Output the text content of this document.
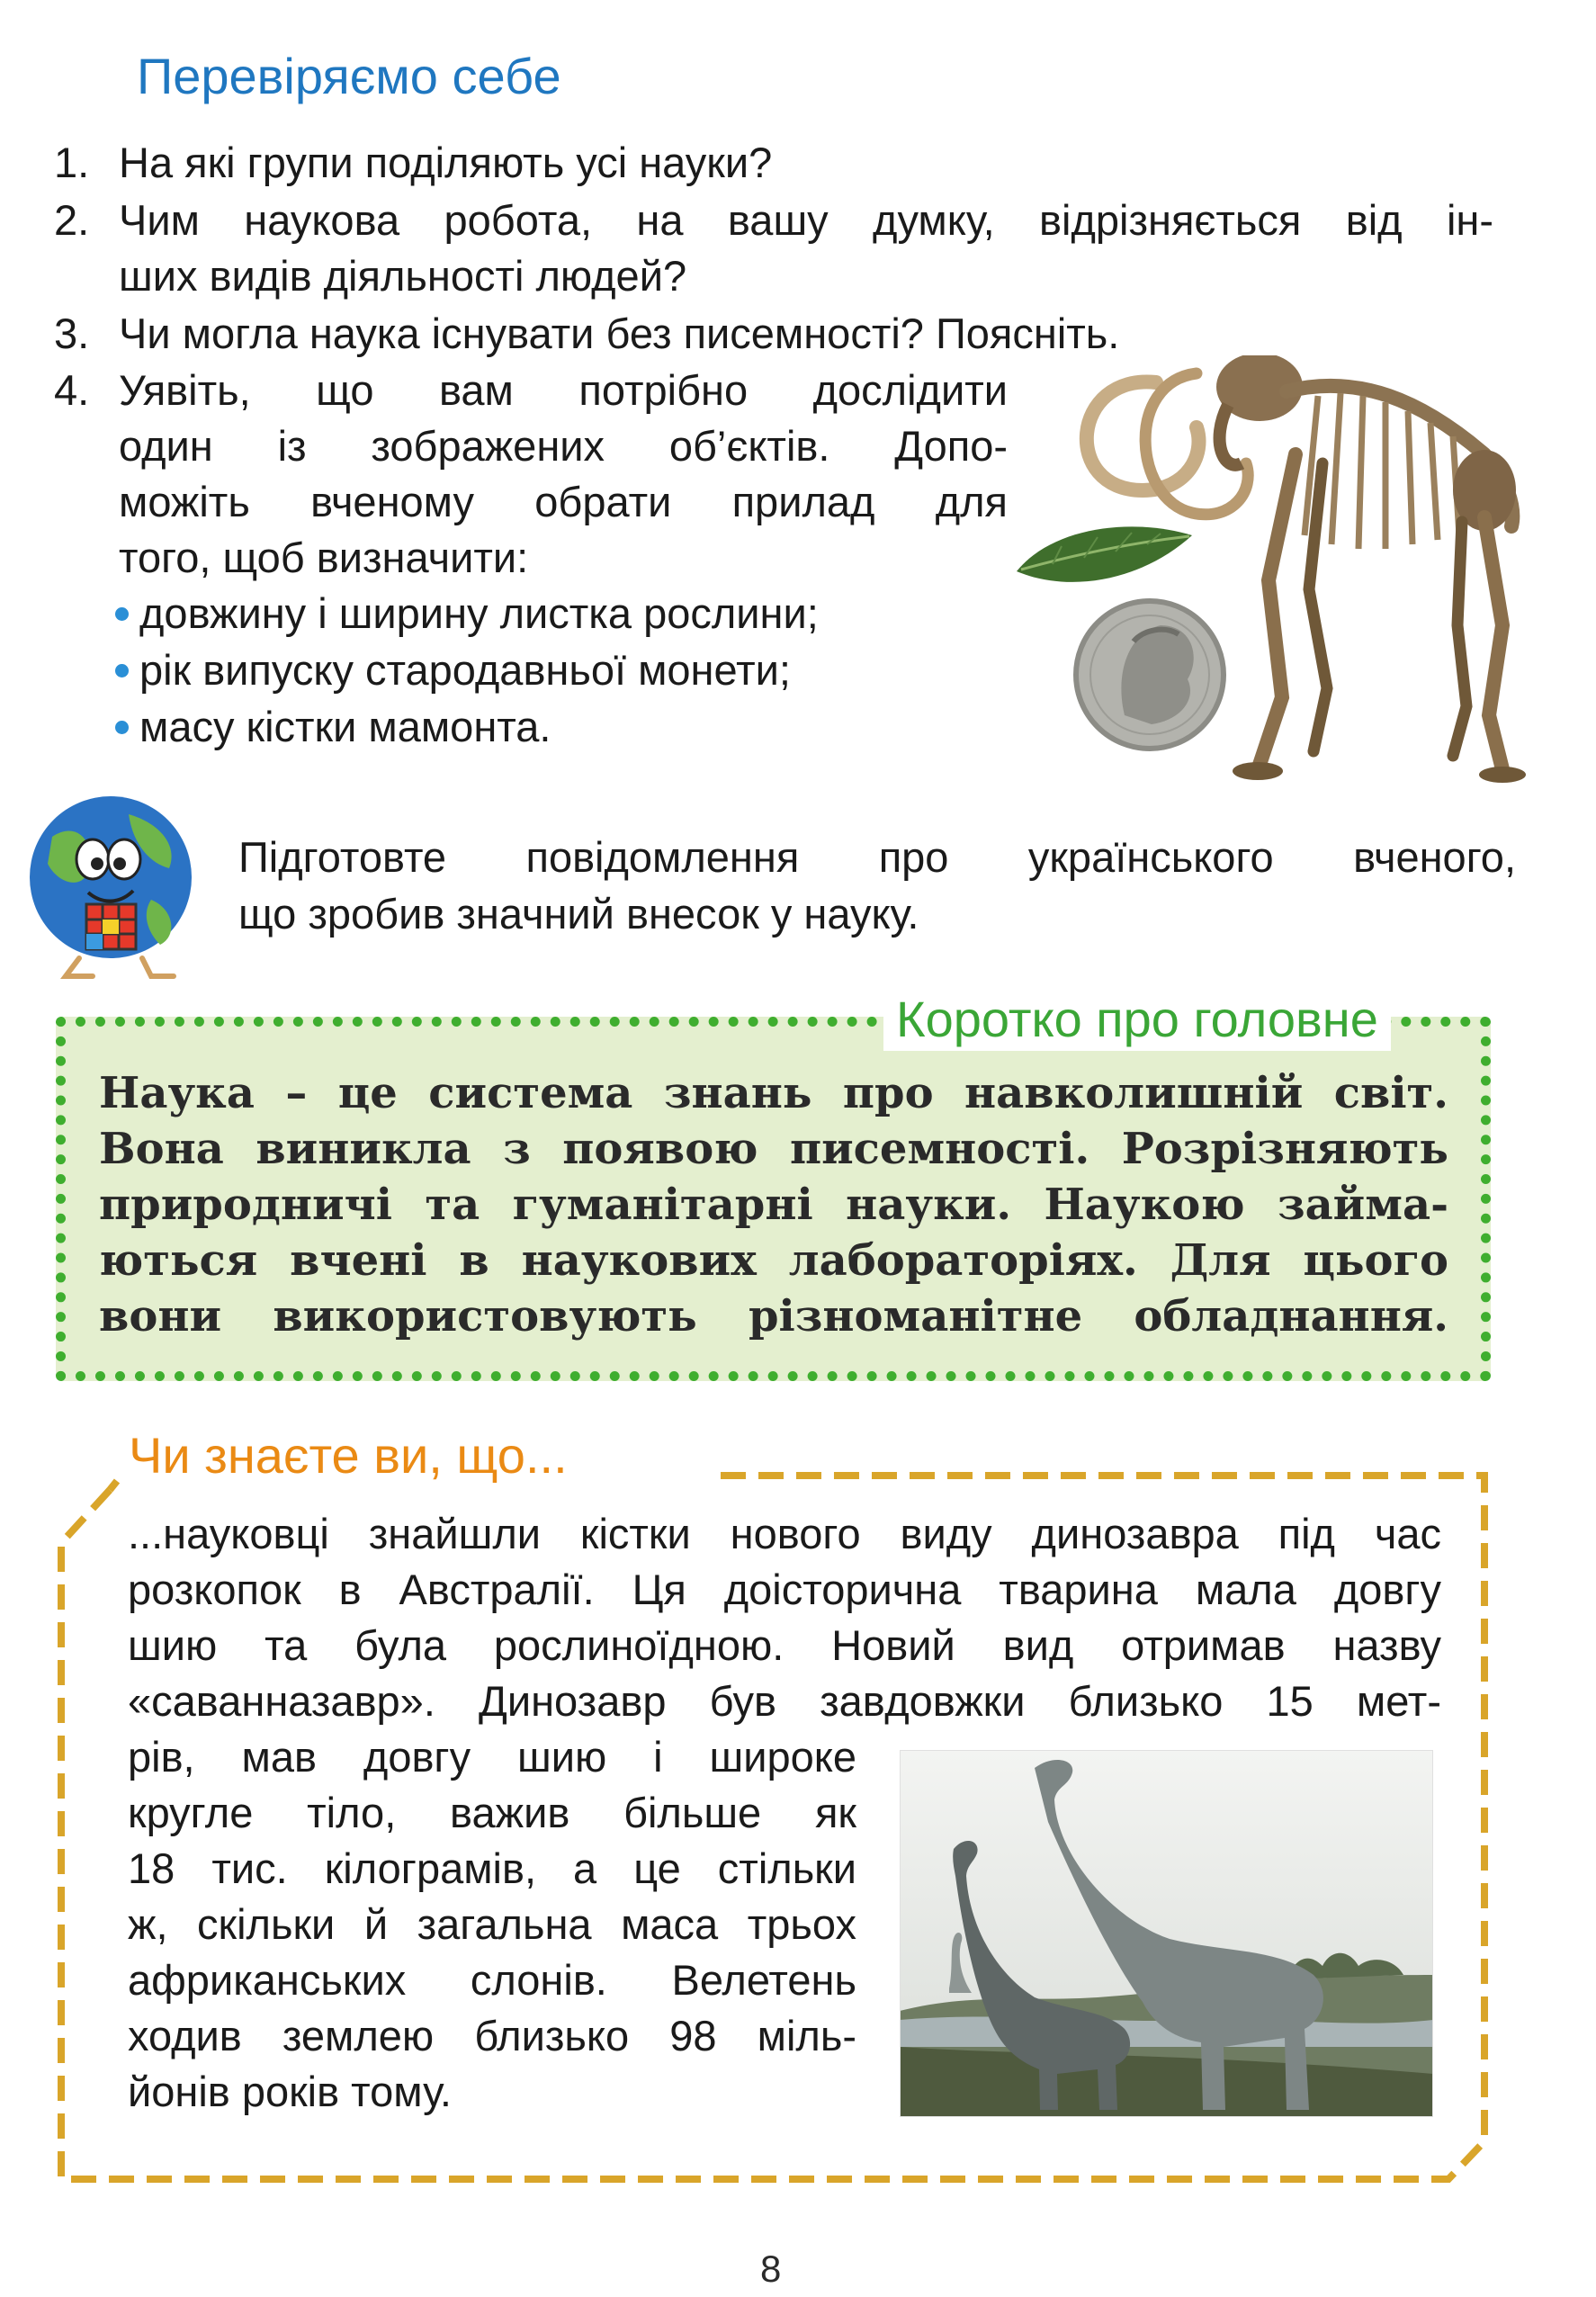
Перевіряємо себе
1. На які групи поділяють усі науки?
2. Чим наукова робота, на вашу думку, відрізняється від ін-
ших видів діяльності людей?
3. Чи могла наука існувати без писемності? Поясніть.
4. Уявіть, що вам потрібно дослідити
один із зображених об’єктів. Допо-
можіть вченому обрати прилад для
того, щоб визначити:
довжину і ширину листка рослини;
рік випуску стародавньої монети;
масу кістки мамонта.
Підготовте повідомлення про українського вченого,
що зробив значний внесок у науку.
Коротко про головне
Наука – це система знань про навколишній світ.
Вона виникла з появою писемності. Розрізняють
природничі та гуманітарні науки. Наукою займа-
ються вчені в наукових лабораторіях. Для цього
вони використовують різноманітне обладнання.
Чи знаєте ви, що...
...науковці знайшли кістки нового виду динозавра під час
розкопок в Австралії. Ця доісторична тварина мала довгу
шию та була рослиноїдною. Новий вид отримав назву
«саванназавр». Динозавр був завдовжки близько 15 мет-
рів, мав довгу шию і широке
кругле тіло, важив більше як
18 тис. кілограмів, а це стільки
ж, скільки й загальна маса трьох
африканських слонів. Велетень
ходив землею близько 98 міль-
йонів років тому.
8
